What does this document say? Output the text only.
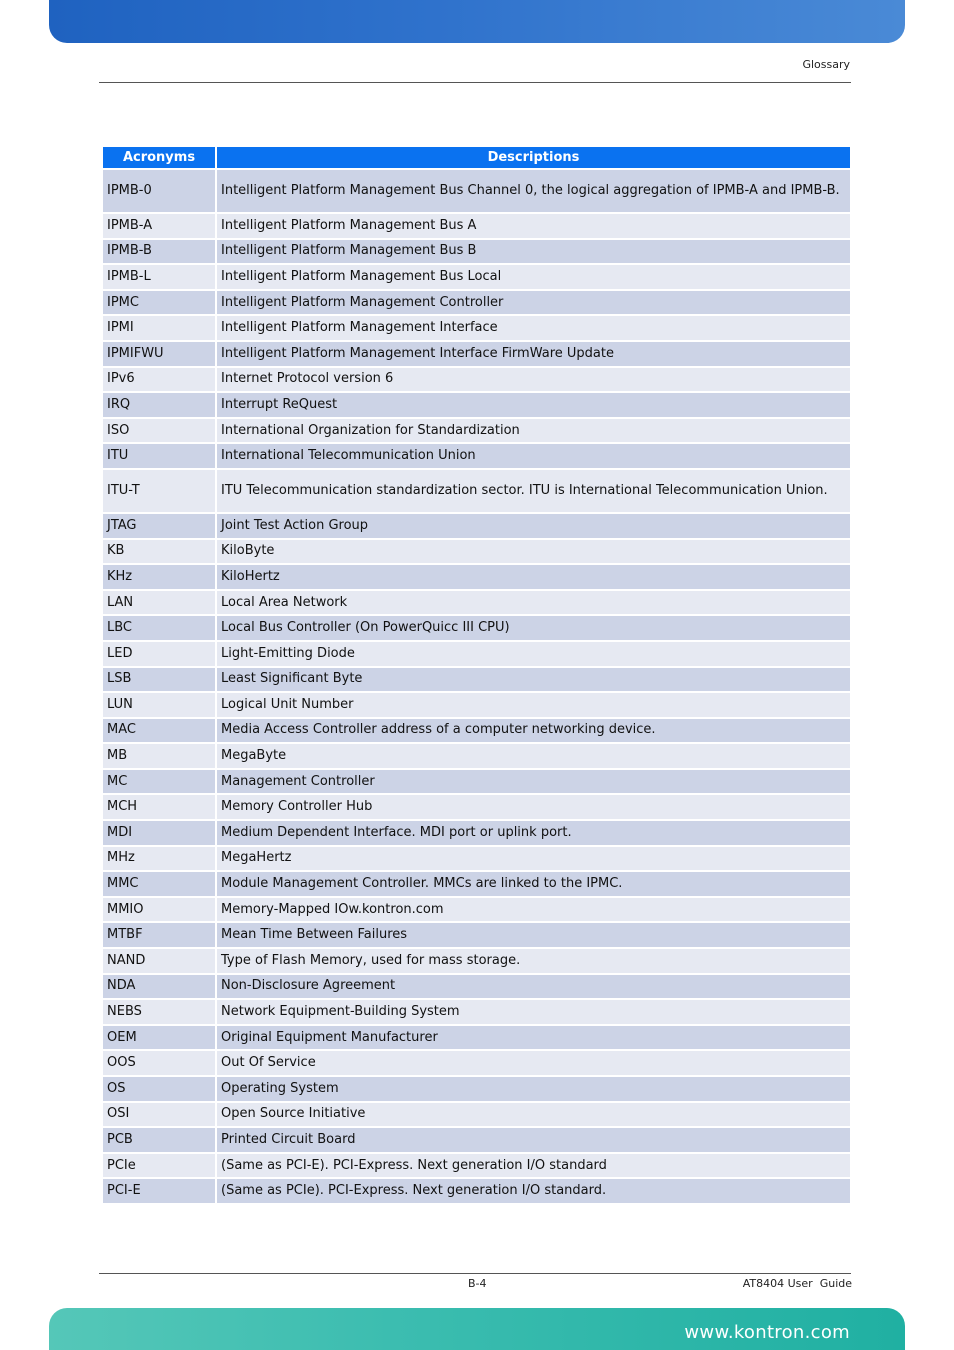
Glossary
Acronyms	Descriptions
IPMB-0	Intelligent Platform Management Bus Channel 0, the logical aggregation of IPMB-A and IPMB-B.
IPMB-A	Intelligent Platform Management Bus A
IPMB-B	Intelligent Platform Management Bus B
IPMB-L	Intelligent Platform Management Bus Local
IPMC	Intelligent Platform Management Controller
IPMI	Intelligent Platform Management Interface
IPMIFWU	Intelligent Platform Management Interface FirmWare Update
IPv6	Internet Protocol version 6
IRQ	Interrupt ReQuest
ISO	International Organization for Standardization
ITU	International Telecommunication Union
ITU-T	ITU Telecommunication standardization sector. ITU is International Telecommunication Union.
JTAG	Joint Test Action Group
KB	KiloByte
KHz	KiloHertz
LAN	Local Area Network
LBC	Local Bus Controller (On PowerQuicc III CPU)
LED	Light-Emitting Diode
LSB	Least Significant Byte
LUN	Logical Unit Number
MAC	Media Access Controller address of a computer networking device.
MB	MegaByte
MC	Management Controller
MCH	Memory Controller Hub
MDI	Medium Dependent Interface. MDI port or uplink port.
MHz	MegaHertz
MMC	Module Management Controller. MMCs are linked to the IPMC.
MMIO	Memory-Mapped IOw.kontron.com
MTBF	Mean Time Between Failures
NAND	Type of Flash Memory, used for mass storage.
NDA	Non-Disclosure Agreement
NEBS	Network Equipment-Building System
OEM	Original Equipment Manufacturer
OOS	Out Of Service
OS	Operating System
OSI	Open Source Initiative
PCB	Printed Circuit Board
PCIe	(Same as PCI-E). PCI-Express. Next generation I/O standard
PCI-E	(Same as PCIe). PCI-Express. Next generation I/O standard.
B-4	AT8404 User  Guide
www.kontron.com
